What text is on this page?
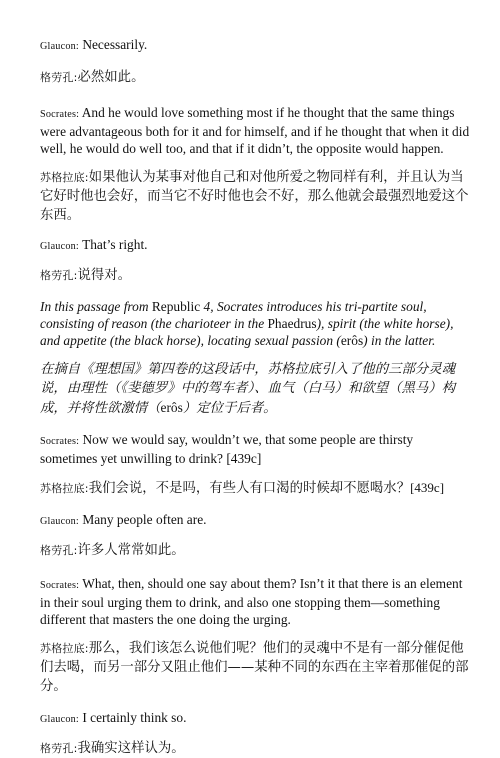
Glaucon: Necessarily.

格劳孔:必然如此。

Socrates: And he would love something most if he thought that the same things were advantageous both for it and for himself, and if he thought that when it did well, he would do well too, and that if it didn’t, the opposite would happen.

苏格拉底:如果他认为某事对他自己和对他所爱之物同样有利，并且认为当它好时他也会好，而当它不好时他也会不好，那么他就会最强烈地爱这个东西。

Glaucon: That’s right.

格劳孔:说得对。

In this passage from Republic 4, Socrates introduces his tri-partite soul, consisting of reason (the charioteer in the Phaedrus), spirit (the white horse), and appetite (the black horse), locating sexual passion (erôs) in the latter.

在摘自《理想国》第四卷的这段话中，苏格拉底引入了他的三部分灵魂说，由理性（《斐德罗》中的驾车者）、血气（白马）和欲望（黑马）构成，并将性欲激情（erôs）定位于后者。

Socrates: Now we would say, wouldn’t we, that some people are thirsty sometimes yet unwilling to drink? [439c]

苏格拉底:我们会说，不是吗，有些人有口渴的时候却不愿喝水？[439c]

Glaucon: Many people often are.

格劳孔:许多人常常如此。

Socrates: What, then, should one say about them? Isn’t it that there is an element in their soul urging them to drink, and also one stopping them—something different that masters the one doing the urging.

苏格拉底:那么，我们该怎么说他们呢？他们的灵魂中不是有一部分催促他们去喝，而另一部分又阻止他们——某种不同的东西在主宰着那催促的部分。

Glaucon: I certainly think so.

格劳孔:我确实这样认为。
